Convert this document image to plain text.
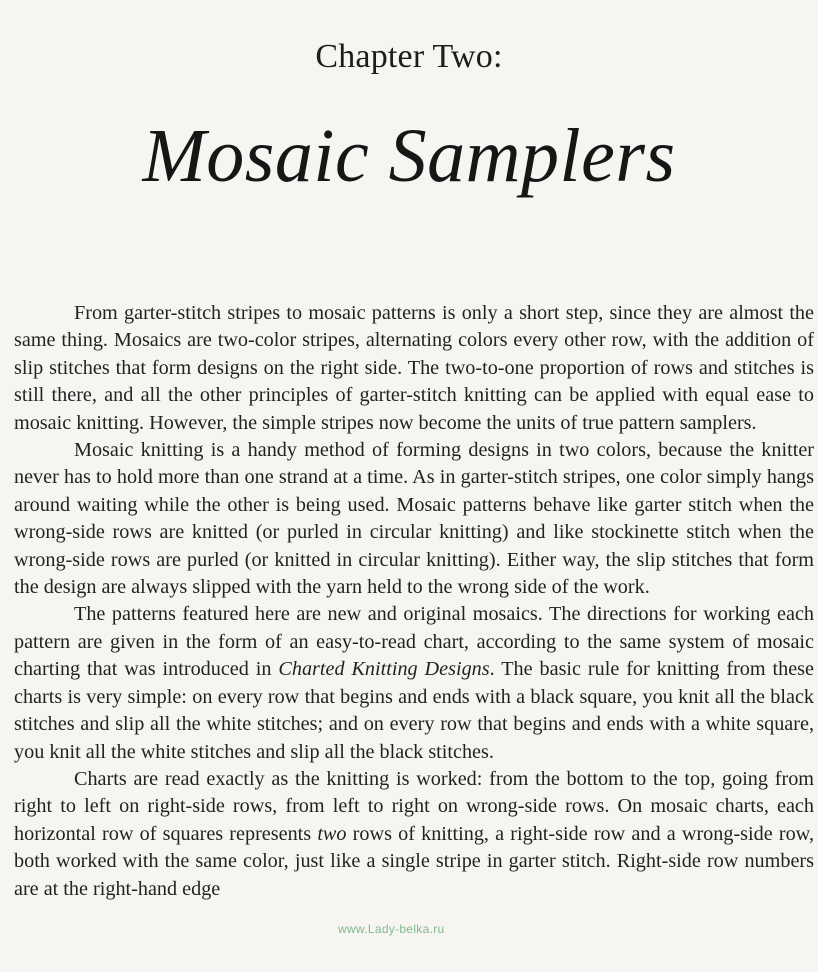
Chapter Two:
Mosaic Samplers

From garter-stitch stripes to mosaic patterns is only a short step, since they are almost the same thing. Mosaics are two-color stripes, alternating colors every other row, with the addition of slip stitches that form designs on the right side. The two-to-one proportion of rows and stitches is still there, and all the other principles of garter-stitch knitting can be applied with equal ease to mosaic knitting. However, the simple stripes now become the units of true pattern samplers.

Mosaic knitting is a handy method of forming designs in two colors, because the knitter never has to hold more than one strand at a time. As in garter-stitch stripes, one color simply hangs around waiting while the other is being used. Mosaic patterns behave like garter stitch when the wrong-side rows are knitted (or purled in circular knitting) and like stockinette stitch when the wrong-side rows are purled (or knitted in circular knitting). Either way, the slip stitches that form the design are always slipped with the yarn held to the wrong side of the work.

The patterns featured here are new and original mosaics. The directions for working each pattern are given in the form of an easy-to-read chart, according to the same system of mosaic charting that was introduced in Charted Knitting Designs. The basic rule for knitting from these charts is very simple: on every row that begins and ends with a black square, you knit all the black stitches and slip all the white stitches; and on every row that begins and ends with a white square, you knit all the white stitches and slip all the black stitches.

Charts are read exactly as the knitting is worked: from the bottom to the top, going from right to left on right-side rows, from left to right on wrong-side rows. On mosaic charts, each horizontal row of squares represents two rows of knitting, a right-side row and a wrong-side row, both worked with the same color, just like a single stripe in garter stitch. Right-side row numbers are at the right-hand edge

www.Lady-belka.ru
